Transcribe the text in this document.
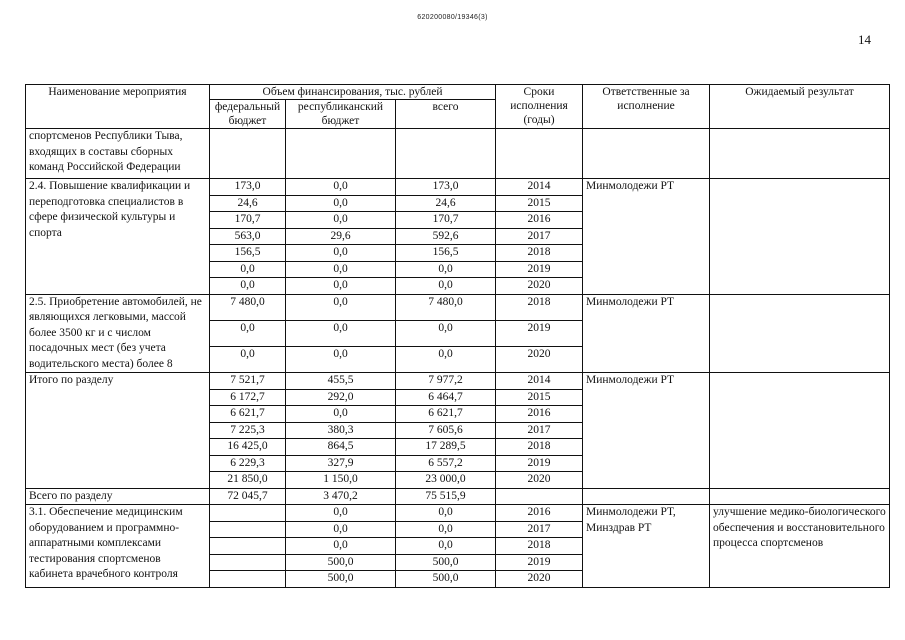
620200080/19346(3)
14
Наименование мероприятия	Объем финансирования, тыс. рублей			Сроки исполнения (годы)	Ответственные за исполнение	Ожидаемый результат
	федеральный бюджет	республиканский бюджет	всего			
спортсменов Республики Тыва, входящих в составы сборных команд Российской Федерации						
2.4. Повышение квалификации и переподготовка специалистов в сфере физической культуры и спорта	173,0	0,0	173,0	2014	Минмолодежи РТ	
	24,6	0,0	24,6	2015		
	170,7	0,0	170,7	2016		
	563,0	29,6	592,6	2017		
	156,5	0,0	156,5	2018		
	0,0	0,0	0,0	2019		
	0,0	0,0	0,0	2020		
2.5. Приобретение автомобилей, не являющихся легковыми, массой более 3500 кг и с числом посадочных мест (без учета водительского места) более 8	7 480,0	0,0	7 480,0	2018	Минмолодежи РТ	
	0,0	0,0	0,0	2019		
	0,0	0,0	0,0	2020		
Итого по разделу	7 521,7	455,5	7 977,2	2014	Минмолодежи РТ	
	6 172,7	292,0	6 464,7	2015		
	6 621,7	0,0	6 621,7	2016		
	7 225,3	380,3	7 605,6	2017		
	16 425,0	864,5	17 289,5	2018		
	6 229,3	327,9	6 557,2	2019		
	21 850,0	1 150,0	23 000,0	2020		
Всего по разделу	72 045,7	3 470,2	75 515,9			
3.1. Обеспечение медицинским оборудованием и программно-аппаратными комплексами тестирования спортсменов кабинета врачебного контроля		0,0	0,0	2016	Минмолодежи РТ, Минздрав РТ	улучшение медико-биологического обеспечения и восстановительного процесса спортсменов
		0,0	0,0	2017		
		0,0	0,0	2018		
		500,0	500,0	2019		
		500,0	500,0	2020		
